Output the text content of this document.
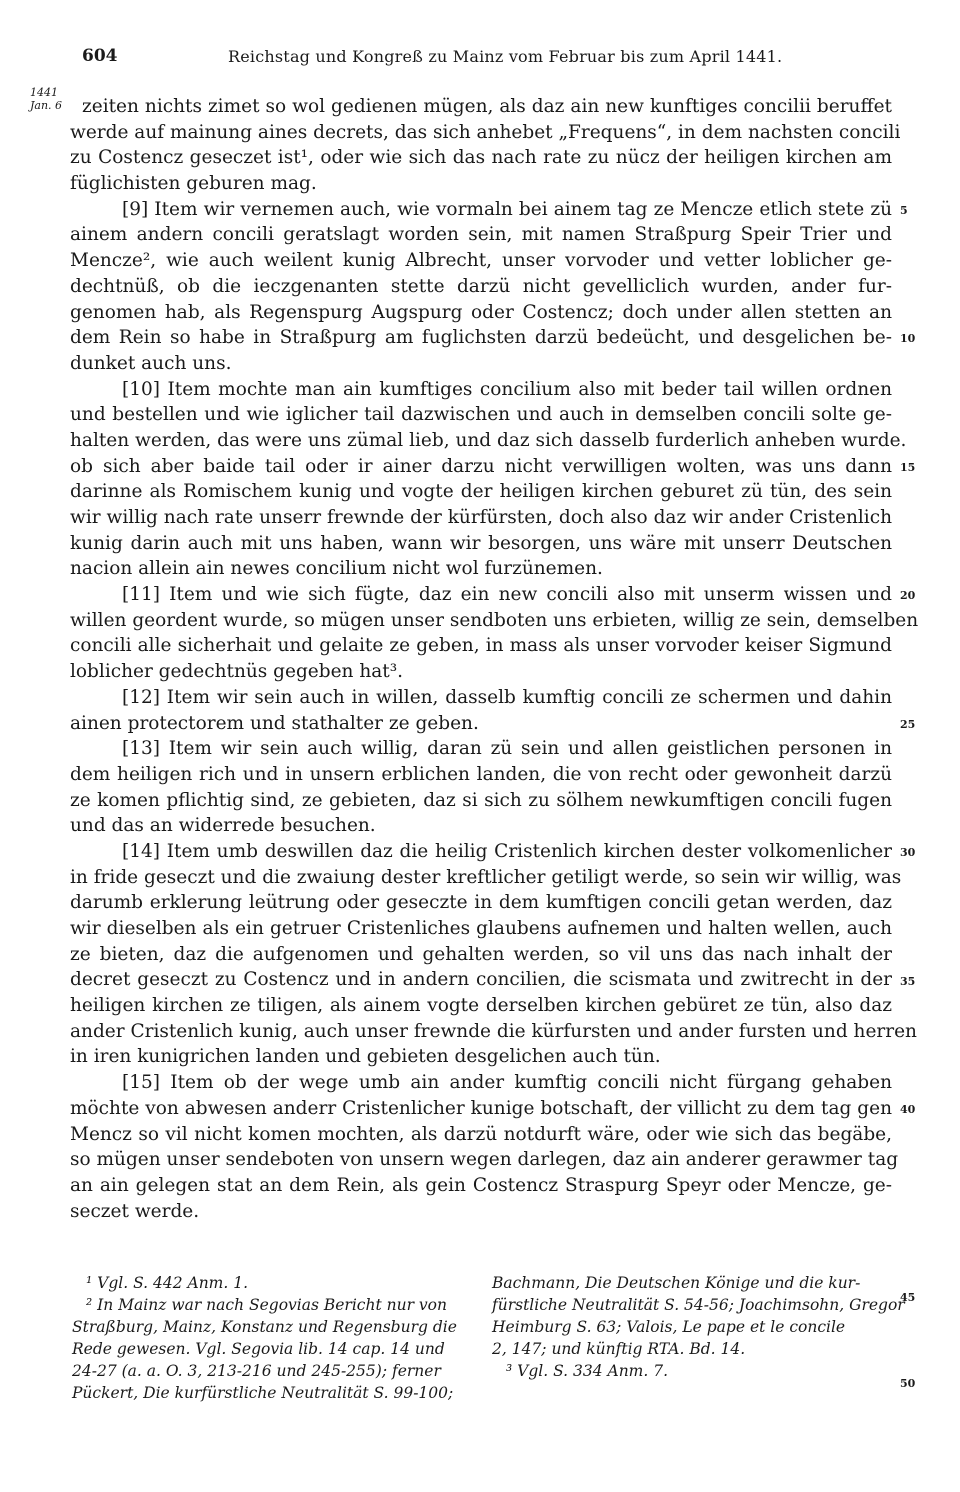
604	Reichstag und Kongreß zu Mainz vom Februar bis zum April 1441.
1441
Jan. 6	zeiten nichts zimet so wol gedienen mügen, als daz ain new kunftiges concilii beruffet
werde auf mainung aines decrets, das sich anhebet „Frequens“, in dem nachsten concili
zu Costencz geseczet ist¹, oder wie sich das nach rate zu nücz der heiligen kirchen am
füglichisten geburen mag.
[9] Item wir vernemen auch, wie vormaln bei ainem tag ze Mencze etlich stete zü
ainem andern concili geratslagt worden sein, mit namen Straßpurg Speir Trier und
Mencze², wie auch weilent kunig Albrecht, unser vorvoder und vetter loblicher ge-
dechtnüß, ob die ieczgenanten stette darzü nicht gevelliclich wurden, ander fur-
genomen hab, als Regenspurg Augspurg oder Costencz; doch under allen stetten an
dem Rein so habe in Straßpurg am fuglichsten darzü bedeücht, und desgelichen be-
dunket auch uns.
[10] Item mochte man ain kumftiges concilium also mit beder tail willen ordnen
und bestellen und wie iglicher tail dazwischen und auch in demselben concili solte ge-
halten werden, das were uns zümal lieb, und daz sich dasselb furderlich anheben wurde.
ob sich aber baide tail oder ir ainer darzu nicht verwilligen wolten, was uns dann
darinne als Romischem kunig und vogte der heiligen kirchen geburet zü tün, des sein
wir willig nach rate unserr frewnde der kürfürsten, doch also daz wir ander Cristenlich
kunig darin auch mit uns haben, wann wir besorgen, uns wäre mit unserr Deutschen
nacion allein ain newes concilium nicht wol furzünemen.
[11] Item und wie sich fügte, daz ein new concili also mit unserm wissen und
willen geordent wurde, so mügen unser sendboten uns erbieten, willig ze sein, demselben
concili alle sicherhait und gelaite ze geben, in mass als unser vorvoder keiser Sigmund
loblicher gedechtnüs gegeben hat³.
[12] Item wir sein auch in willen, dasselb kumftig concili ze schermen und dahin
ainen protectorem und stathalter ze geben.
[13] Item wir sein auch willig, daran zü sein und allen geistlichen personen in
dem heiligen rich und in unsern erblichen landen, die von recht oder gewonheit darzü
ze komen pflichtig sind, ze gebieten, daz si sich zu sölhem newkumftigen concili fugen
und das an widerrede besuchen.
[14] Item umb deswillen daz die heilig Cristenlich kirchen dester volkomenlicher
in fride geseczt und die zwaiung dester kreftlicher getiligt werde, so sein wir willig, was
darumb erklerung leütrung oder geseczte in dem kumftigen concili getan werden, daz
wir dieselben als ein getruer Cristenliches glaubens aufnemen und halten wellen, auch
ze bieten, daz die aufgenomen und gehalten werden, so vil uns das nach inhalt der
decret geseczt zu Costencz und in andern concilien, die scismata und zwitrecht in der
heiligen kirchen ze tiligen, als ainem vogte derselben kirchen gebüret ze tün, also daz
ander Cristenlich kunig, auch unser frewnde die kürfursten und ander fursten und herren
in iren kunigrichen landen und gebieten desgelichen auch tün.
[15] Item ob der wege umb ain ander kumftig concili nicht fürgang gehaben
möchte von abwesen anderr Cristenlicher kunige botschaft, der villicht zu dem tag gen
Mencz so vil nicht komen mochten, als darzü notdurft wäre, oder wie sich das begäbe,
so mügen unser sendeboten von unsern wegen darlegen, daz ain anderer gerawmer tag
an ain gelegen stat an dem Rein, als gein Costencz Straspurg Speyr oder Mencze, ge-
seczet werde.
5
10
15
20
25
30
35
40
¹ Vgl. S. 442 Anm. 1.
² In Mainz war nach Segovias Bericht nur von
Straßburg, Mainz, Konstanz und Regensburg die
Rede gewesen. Vgl. Segovia lib. 14 cap. 14 und
24-27 (a. a. O. 3, 213-216 und 245-255); ferner
Pückert, Die kurfürstliche Neutralität S. 99-100;
Bachmann, Die Deutschen Könige und die kur-
fürstliche Neutralität S. 54-56; Joachimsohn, Gregor
Heimburg S. 63; Valois, Le pape et le concile
2, 147; und künftig RTA. Bd. 14.
³ Vgl. S. 334 Anm. 7.
45
50
